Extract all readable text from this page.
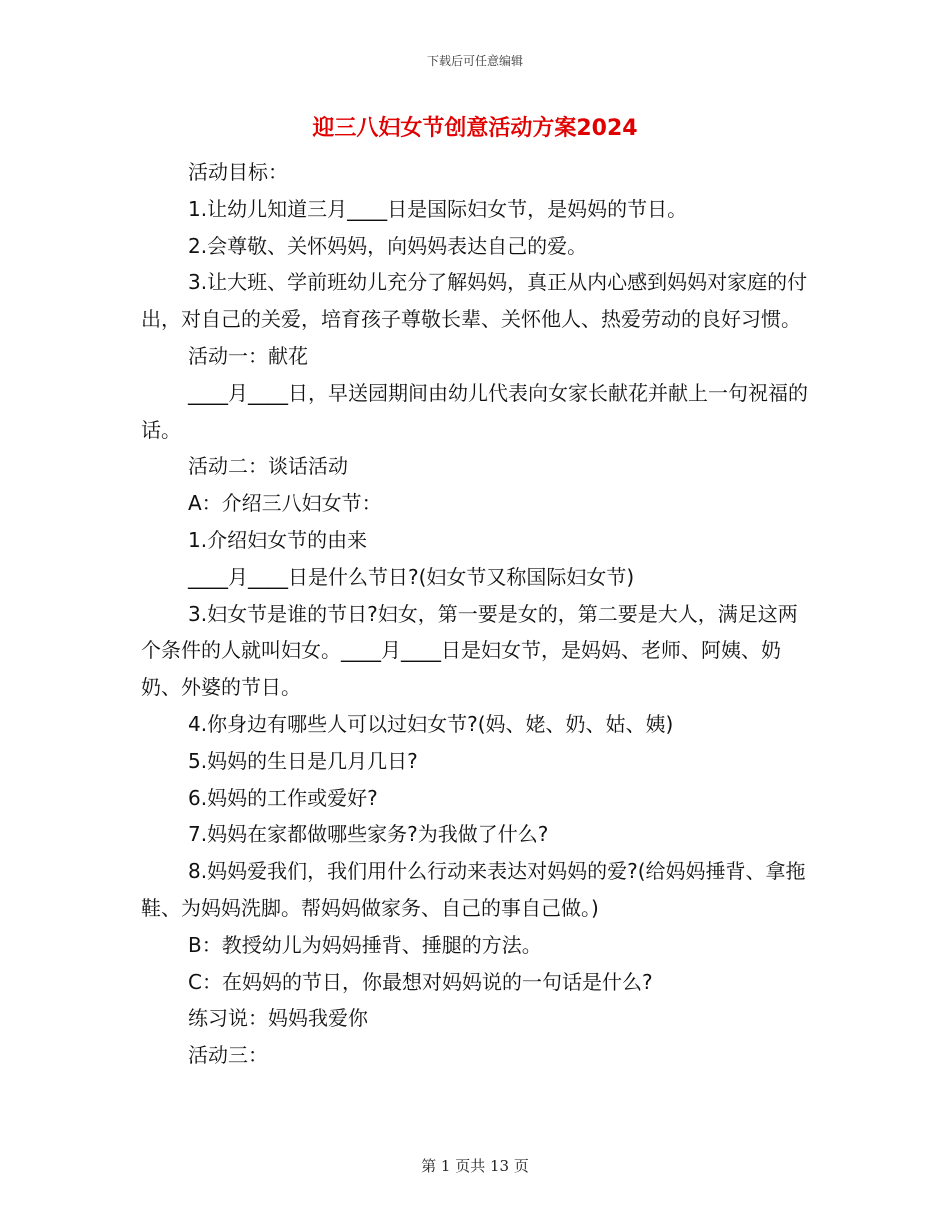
下载后可任意编辑
迎三八妇女节创意活动方案2024

活动目标：

1.让幼儿知道三月____日是国际妇女节，是妈妈的节日。

2.会尊敬、关怀妈妈，向妈妈表达自己的爱。

3.让大班、学前班幼儿充分了解妈妈，真正从内心感到妈妈对家庭的付出，对自己的关爱，培育孩子尊敬长辈、关怀他人、热爱劳动的良好习惯。

活动一：献花

____月____日，早送园期间由幼儿代表向女家长献花并献上一句祝福的话。

活动二：谈话活动

A：介绍三八妇女节：

1.介绍妇女节的由来

____月____日是什么节日?(妇女节又称国际妇女节)

3.妇女节是谁的节日?妇女，第一要是女的，第二要是大人，满足这两个条件的人就叫妇女。____月____日是妇女节，是妈妈、老师、阿姨、奶奶、外婆的节日。

4.你身边有哪些人可以过妇女节?(妈、姥、奶、姑、姨)

5.妈妈的生日是几月几日?

6.妈妈的工作或爱好?

7.妈妈在家都做哪些家务?为我做了什么?

8.妈妈爱我们，我们用什么行动来表达对妈妈的爱?(给妈妈捶背、拿拖鞋、为妈妈洗脚。帮妈妈做家务、自己的事自己做。)

B：教授幼儿为妈妈捶背、捶腿的方法。

C：在妈妈的节日，你最想对妈妈说的一句话是什么?

练习说：妈妈我爱你

活动三：

第 1 页共 13 页
